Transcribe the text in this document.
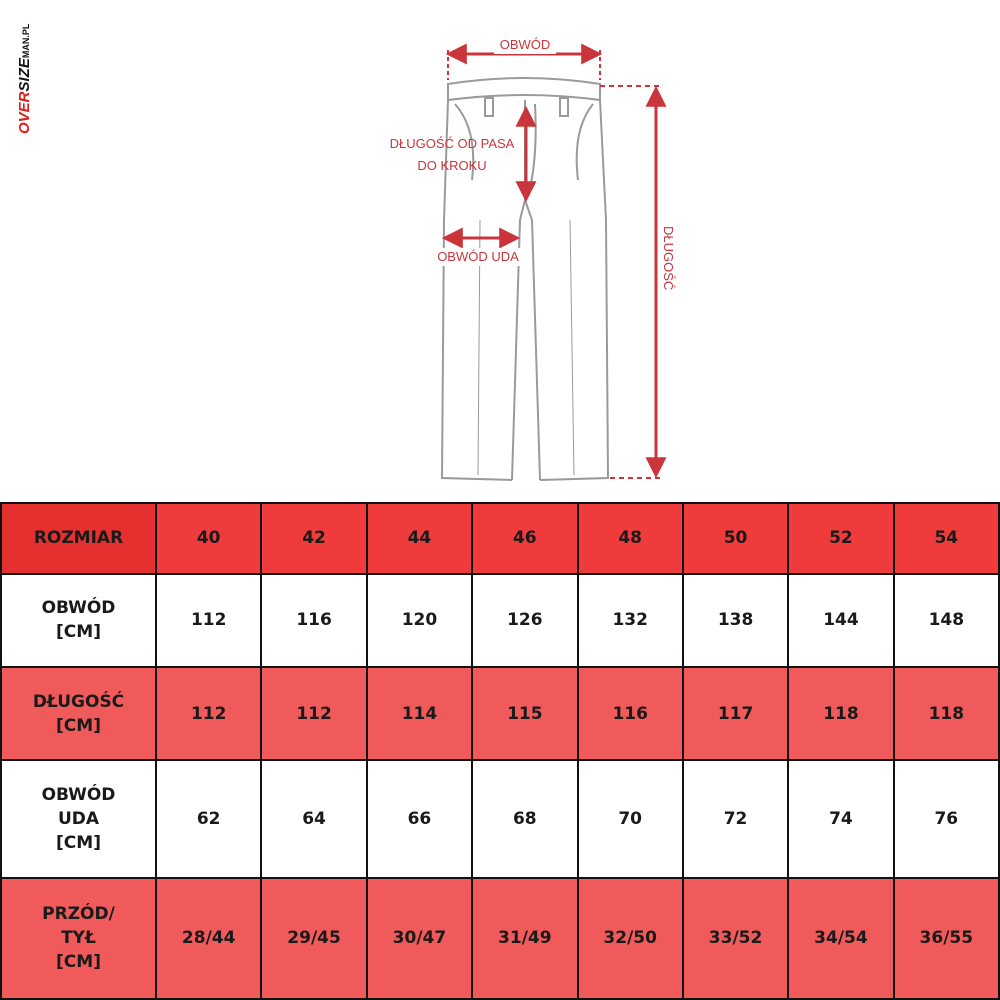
OVERSIZEMAN.PL	OBWÓD
DŁUGOŚĆ OD PASA
DO KROKU
OBWÓD UDA	DŁUGOŚĆ
ROZMIAR	40	42	44	46	48	50	52	54

OBWÓD
[CM]	112	116	120	126	132	138	144	148

DŁUGOŚĆ
[CM]	112	112	114	115	116	117	118	118

OBWÓD
UDA
[CM]	62	64	66	68	70	72	74	76

PRZÓD/
TYŁ
[CM]	28/44	29/45	30/47	31/49	32/50	33/52	34/54	36/55
